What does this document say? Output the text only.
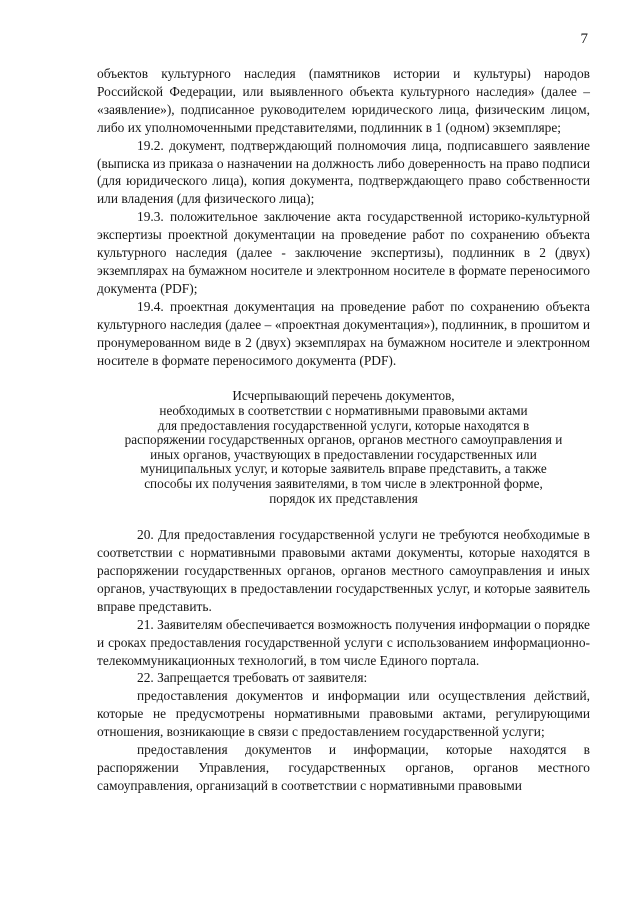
7

объектов культурного наследия (памятников истории и культуры) народов Российской Федерации, или выявленного объекта культурного наследия» (далее – «заявление»), подписанное руководителем юридического лица, физическим лицом, либо их уполномоченными представителями, подлинник в 1 (одном) экземпляре;

19.2. документ, подтверждающий полномочия лица, подписавшего заявление (выписка из приказа о назначении на должность либо доверенность на право подписи (для юридического лица), копия документа, подтверждающего право собственности или владения (для физического лица);

19.3. положительное заключение акта государственной историко-культурной экспертизы проектной документации на проведение работ по сохранению объекта культурного наследия (далее - заключение экспертизы), подлинник в 2 (двух) экземплярах на бумажном носителе и электронном носителе в формате переносимого документа (PDF);

19.4. проектная документация на проведение работ по сохранению объекта культурного наследия (далее – «проектная документация»), подлинник, в прошитом и пронумерованном виде в 2 (двух) экземплярах на бумажном носителе и электронном носителе в формате переносимого документа (PDF).

Исчерпывающий перечень документов,
необходимых в соответствии с нормативными правовыми актами
для предоставления государственной услуги, которые находятся в
распоряжении государственных органов, органов местного самоуправления и
иных органов, участвующих в предоставлении государственных или
муниципальных услуг, и которые заявитель вправе представить, а также
способы их получения заявителями, в том числе в электронной форме,
порядок их представления

20. Для предоставления государственной услуги не требуются необходимые в соответствии с нормативными правовыми актами документы, которые находятся в распоряжении государственных органов, органов местного самоуправления и иных органов, участвующих в предоставлении государственных услуг, и которые заявитель вправе представить.

21. Заявителям обеспечивается возможность получения информации о порядке и сроках предоставления государственной услуги с использованием информационно-телекоммуникационных технологий, в том числе Единого портала.

22. Запрещается требовать от заявителя:

предоставления документов и информации или осуществления действий, которые не предусмотрены нормативными правовыми актами, регулирующими отношения, возникающие в связи с предоставлением государственной услуги;

предоставления документов и информации, которые находятся в распоряжении Управления, государственных органов, органов местного самоуправления, организаций в соответствии с нормативными правовыми
